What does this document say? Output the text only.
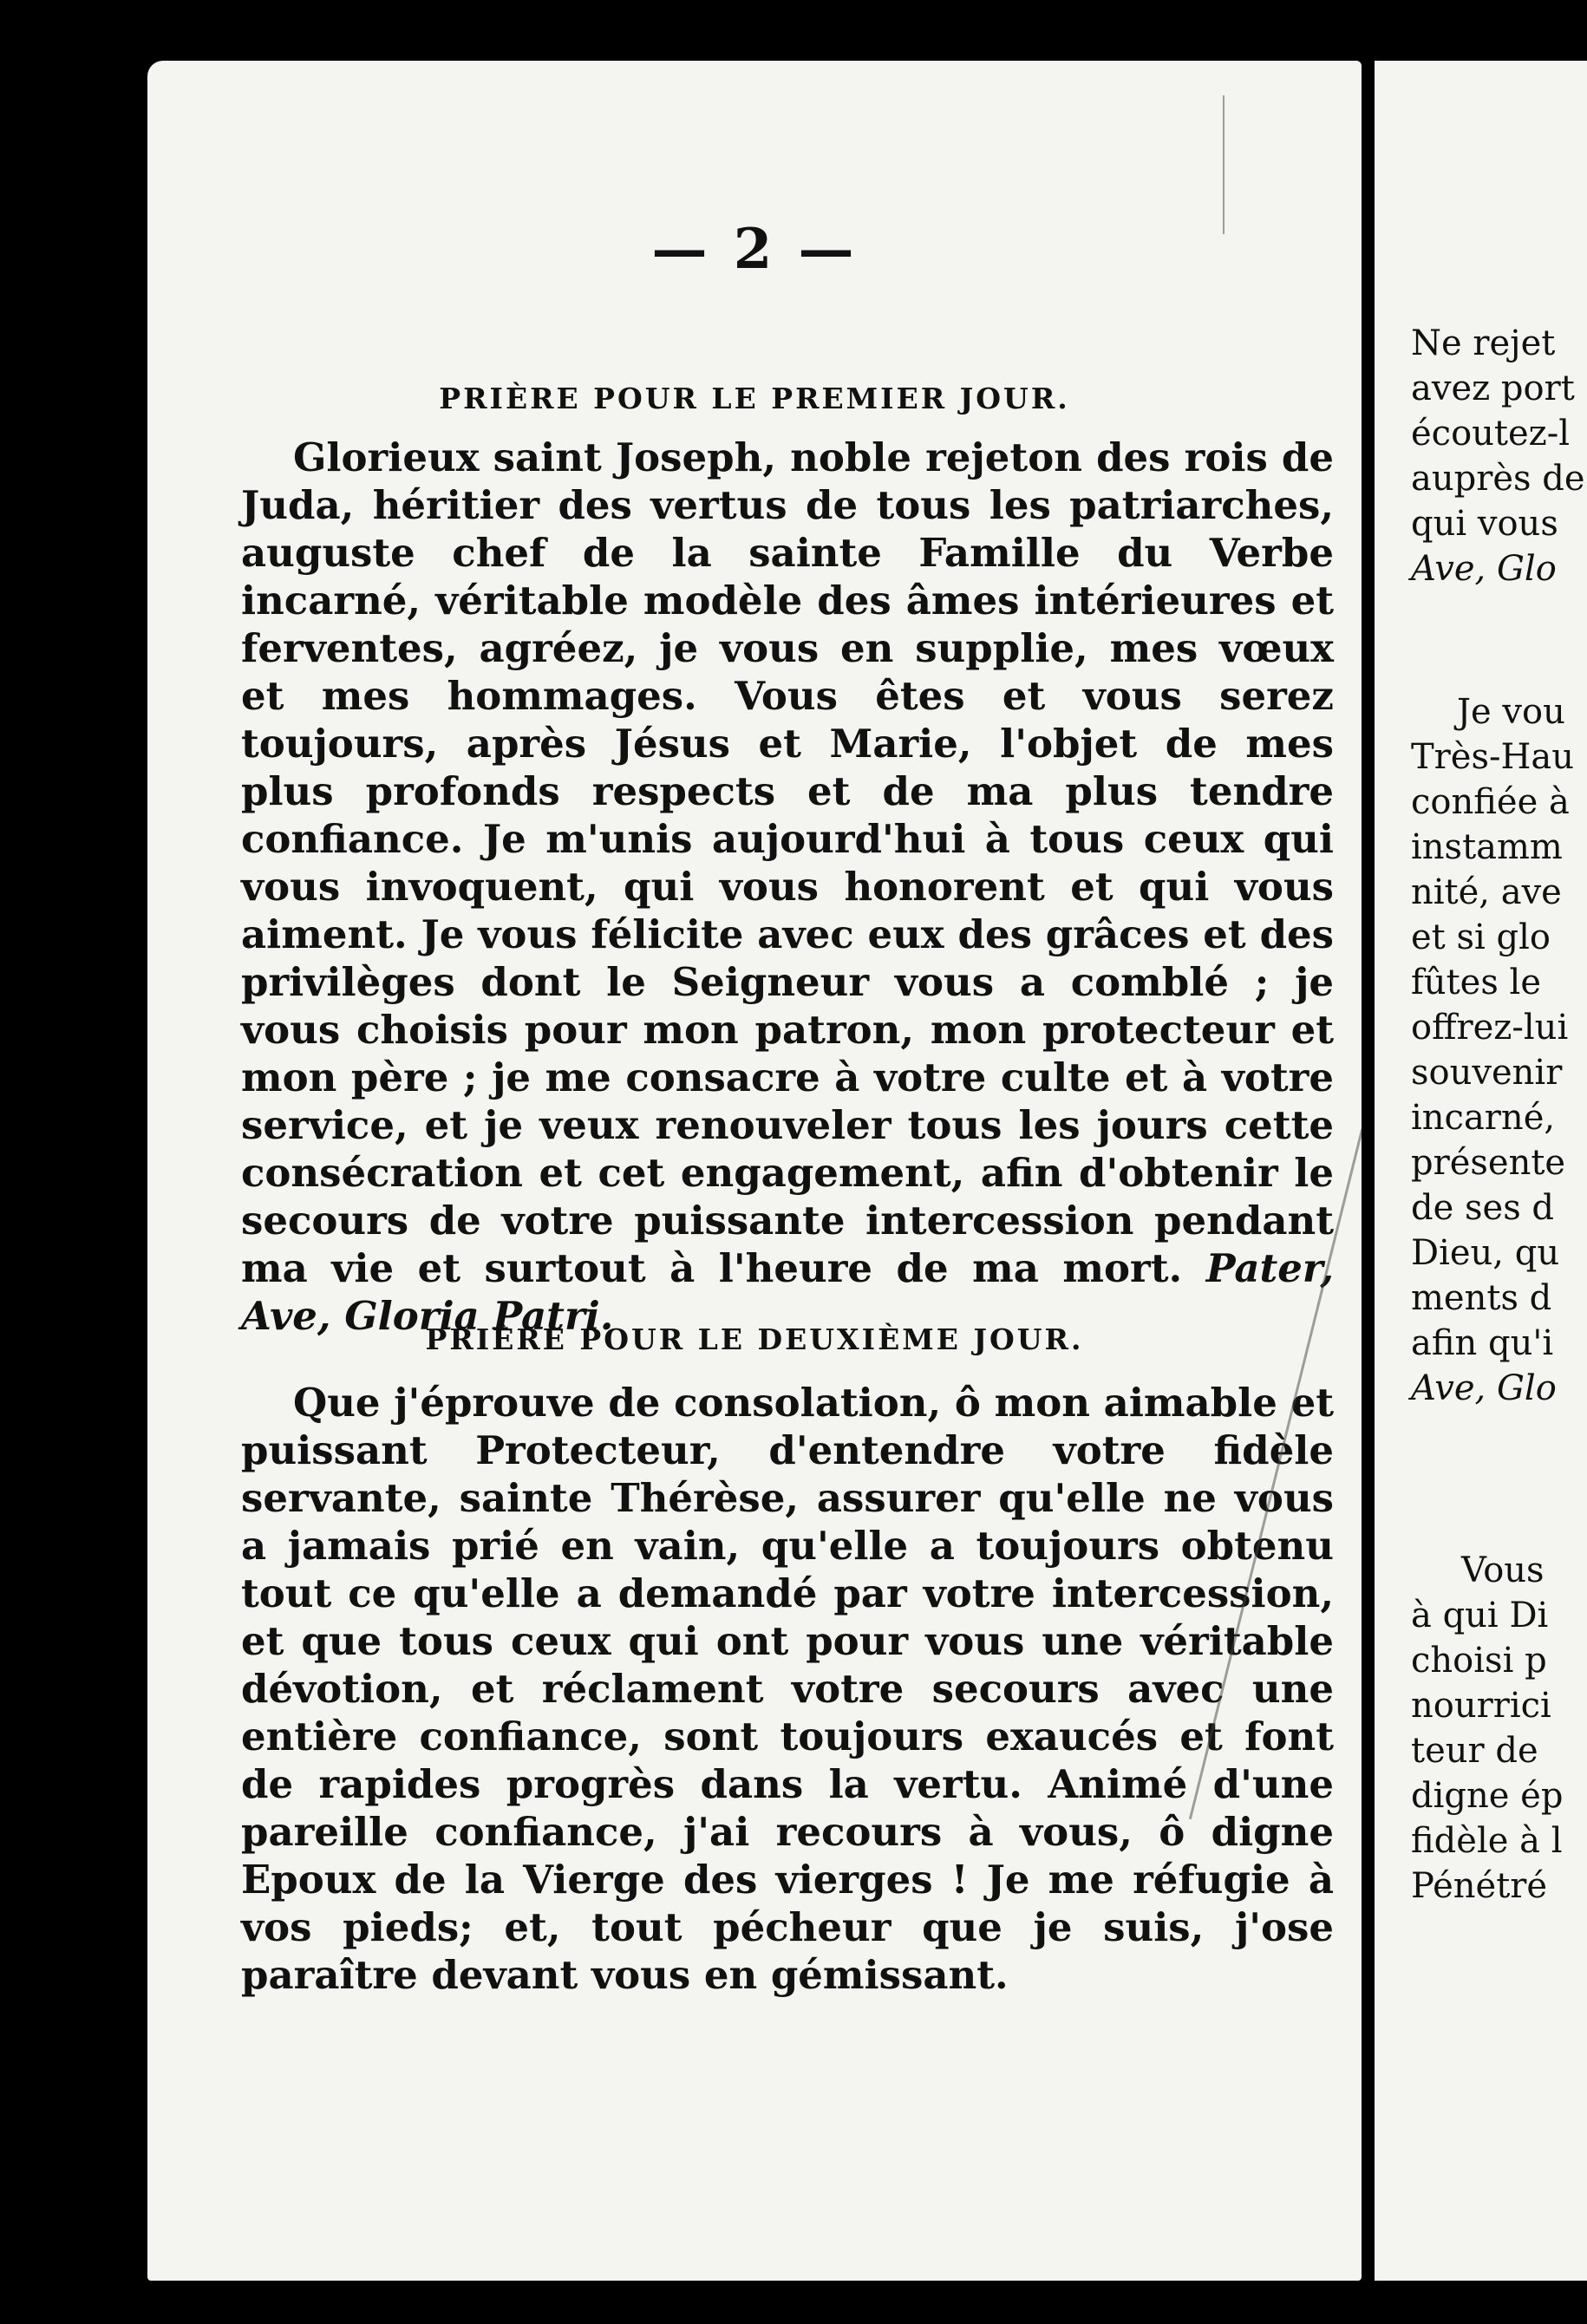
— 2 —
PRIÈRE POUR LE PREMIER JOUR.
Glorieux saint Joseph, noble rejeton des rois de Juda, héritier des vertus de tous les patriarches, auguste chef de la sainte Famille du Verbe incarné, véritable modèle des âmes intérieures et ferventes, agréez, je vous en supplie, mes vœux et mes hommages. Vous êtes et vous serez toujours, après Jésus et Marie, l'objet de mes plus profonds respects et de ma plus tendre confiance. Je m'unis aujourd'hui à tous ceux qui vous invoquent, qui vous honorent et qui vous aiment. Je vous félicite avec eux des grâces et des privilèges dont le Seigneur vous a comblé ; je vous choisis pour mon patron, mon protecteur et mon père ; je me consacre à votre culte et à votre service, et je veux renouveler tous les jours cette consécration et cet engagement, afin d'obtenir le secours de votre puissante intercession pendant ma vie et surtout à l'heure de ma mort. Pater, Ave, Gloria Patri.
PRIÈRE POUR LE DEUXIÈME JOUR.
Que j'éprouve de consolation, ô mon aimable et puissant Protecteur, d'entendre votre fidèle servante, sainte Thérèse, assurer qu'elle ne vous a jamais prié en vain, qu'elle a toujours obtenu tout ce qu'elle a demandé par votre intercession, et que tous ceux qui ont pour vous une véritable dévotion, et réclament votre secours avec une entière confiance, sont toujours exaucés et font de rapides progrès dans la vertu. Animé d'une pareille confiance, j'ai recours à vous, ô digne Epoux de la Vierge des vierges ! Je me réfugie à vos pieds; et, tout pécheur que je suis, j'ose paraître devant vous en gémissant.
Ne rejet
avez port
écoutez-l
auprès de
qui vous
Ave, Glo
Je vou
Très-Hau
confiée à
instamm
nité, ave
et si glo
fûtes le
offrez-lui
souvenir
incarné,
présente
de ses d
Dieu, qu
ments d
afin qu'i
Ave, Glo
Vous
à qui Di
choisi p
nourrici
teur de
digne ép
fidèle à l
Pénétré
